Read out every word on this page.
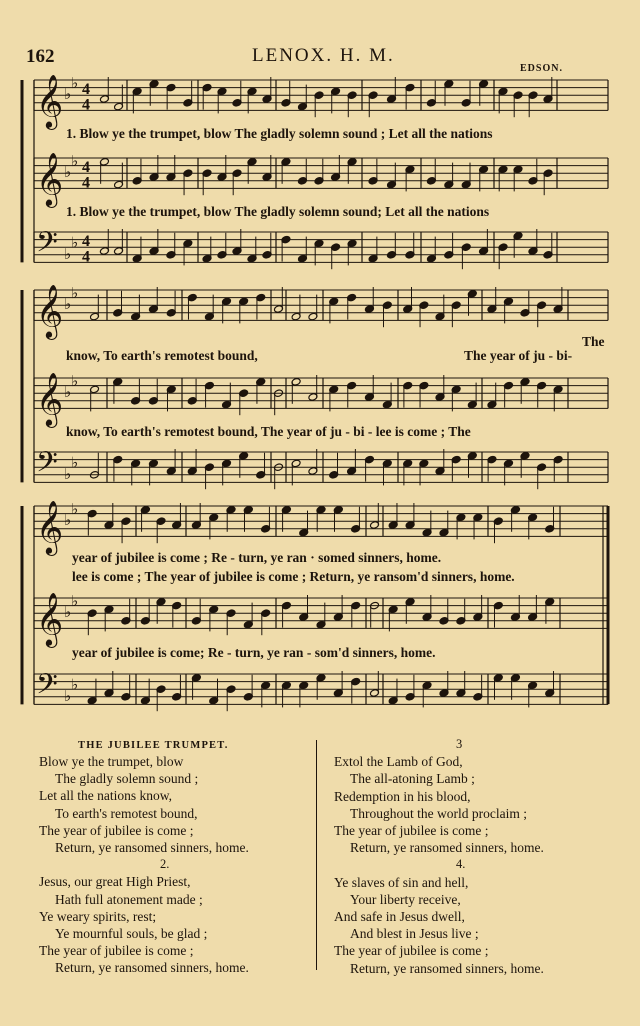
162	LENOX. H. M.
EDSON.
𝄞 ♭
♭ 4
4
𝄞 ♭
♭ 4
4
𝄢 ♭
♭ 4
4
𝄞 ♭
♭
𝄞 ♭
♭
𝄢 ♭
♭
𝄞 ♭
♭
𝄞 ♭
♭
𝄢 ♭
♭
1. Blow ye the trumpet, blow The gladly solemn sound ; Let all the nations
1. Blow ye the trumpet, blow The gladly solemn sound; Let all the nations
The
know, To earth's remotest bound,	The year of ju - bi-
know, To earth's remotest bound, The year of ju - bi - lee is come ; The
year of jubilee is come ; Re - turn, ye ran · somed sinners, home.
lee is come ; The year of jubilee is come ; Return, ye ransom'd sinners, home.
year of jubilee is come; Re - turn, ye ran - som'd sinners, home.
THE JUBILEE TRUMPET.
Blow ye the trumpet, blow
The gladly solemn sound ;
Let all the nations know,
To earth's remotest bound,
The year of jubilee is come ;
Return, ye ransomed sinners, home.
2.
Jesus, our great High Priest,
Hath full atonement made ;
Ye weary spirits, rest;
Ye mournful souls, be glad ;
The year of jubilee is come ;
Return, ye ransomed sinners, home.
3
Extol the Lamb of God,
The all-atoning Lamb ;
Redemption in his blood,
Throughout the world proclaim ;
The year of jubilee is come ;
Return, ye ransomed sinners, home.
4.
Ye slaves of sin and hell,
Your liberty receive,
And safe in Jesus dwell,
And blest in Jesus live ;
The year of jubilee is come ;
Return, ye ransomed sinners, home.
